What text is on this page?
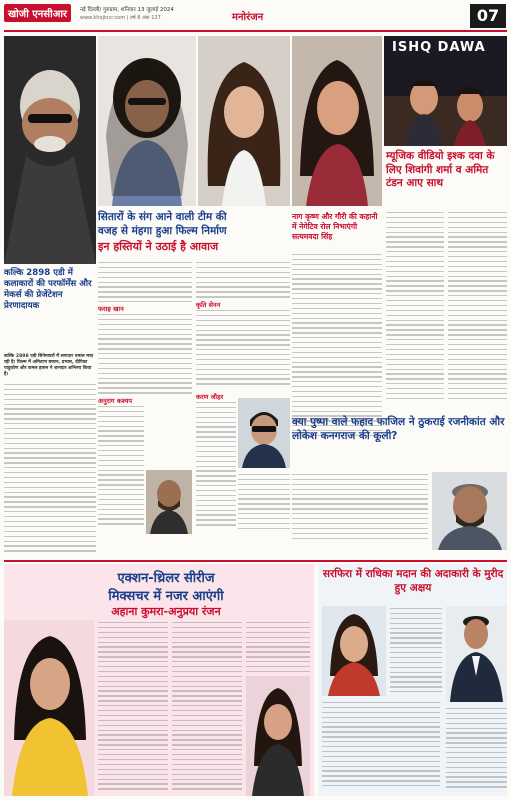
खोजी एनसीआर	नई दिल्ली/ गुरुग्राम, शनिवार 13 जुलाई 2024
www.khojincr.com | वर्ष 8 अंक 127	मनोरंजन	07
कल्कि 2898 एडी में कलाकारों की परफॉर्मेंस और मेकर्स की प्रेजेंटेशन प्रेरणादायक
कल्कि 2898 एडी सिनेमाघरों में लगातार धमाल मचा रही है। फिल्म में अमिताभ बच्चन, प्रभास, दीपिका पादुकोण और कमल हासन ने शानदार अभिनय किया है।
ISHQ DAWA
म्यूजिक वीडियो इश्क दवा के लिए शिवांगी शर्मा व अमित टंडन आए साथ
नाग कृष्ण और गौरी की कहानी में नेगेटिव रोल निभाएंगी सत्यमवदा सिंह
सितारों के संग आने वाली टीम की
वजह से मंहगा हुआ फिल्म निर्माण
इन हस्तियों ने उठाई है आवाज
फराह खान
अनुराग कश्यप
कृति सेनन
करण जौहर
क्या पुष्पा वाले फहाद फाजिल ने ठुकराई रजनीकांत और लोकेश कनगराज की कूली?
एक्शन-थ्रिलर सीरीज
मिक्सचर में नजर आएंगी
अहाना कुमरा-अनुप्रया रंजन
सरफिरा में राधिका मदान की अदाकारी के मुरीद हुए अक्षय
